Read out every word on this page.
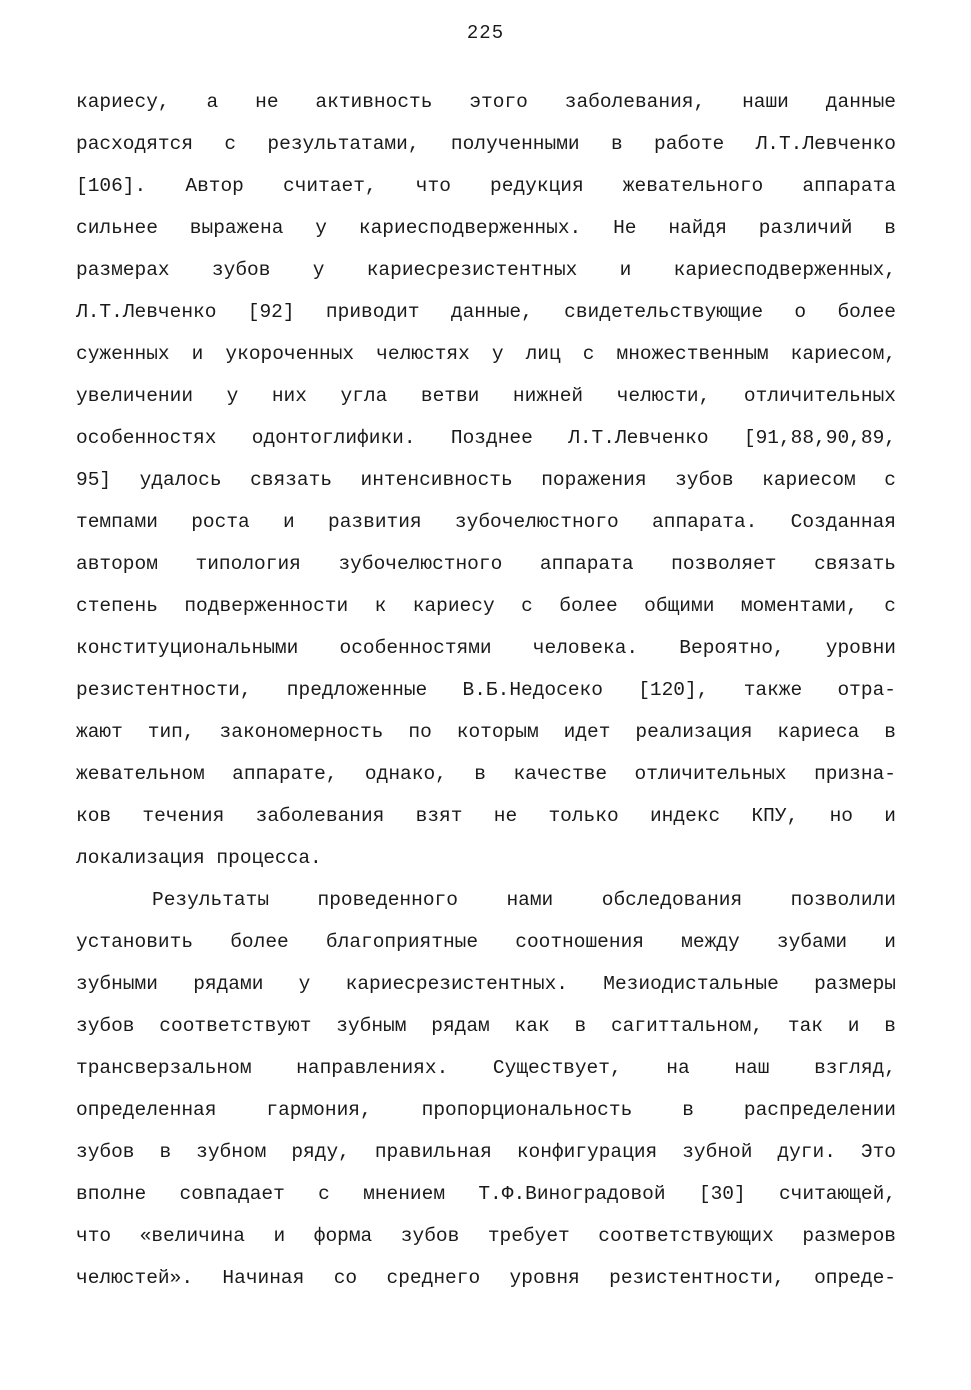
225
кариесу, а не активность этого заболевания, наши данные
расходятся с результатами, полученными в работе Л.Т.Левченко
[106]. Автор считает, что редукция жевательного аппарата
сильнее выражена у кариесподверженных. Не найдя различий в
размерах зубов у кариесрезистентных и кариесподверженных,
Л.Т.Левченко [92] приводит данные, свидетельствующие о более
суженных и укороченных челюстях у лиц с множественным кариесом,
увеличении у них угла ветви нижней челюсти, отличительных
особенностях одонтоглифики. Позднее Л.Т.Левченко [91,88,90,89,
95] удалось связать интенсивность поражения зубов кариесом с
темпами роста и развития зубочелюстного аппарата. Созданная
автором типология зубочелюстного аппарата позволяет связать
степень подверженности к кариесу с более общими моментами, с
конституциональными особенностями человека. Вероятно, уровни
резистентности, предложенные В.Б.Недосеко [120], также отра-
жают тип, закономерность по которым идет реализация кариеса в
жевательном аппарате, однако, в качестве отличительных призна-
ков течения заболевания взят не только индекс КПУ, но и
локализация процесса.
Результаты проведенного нами обследования позволили
установить более благоприятные соотношения между зубами и
зубными рядами у кариесрезистентных. Мезиодистальные размеры
зубов соответствуют зубным рядам как в сагиттальном, так и в
трансверзальном направлениях. Существует, на наш взгляд,
определенная гармония, пропорциональность в распределении
зубов в зубном ряду, правильная конфигурация зубной дуги. Это
вполне совпадает с мнением Т.Ф.Виноградовой [30] считающей,
что «величина и форма зубов требует соответствующих размеров
челюстей». Начиная со среднего уровня резистентности, опреде-
